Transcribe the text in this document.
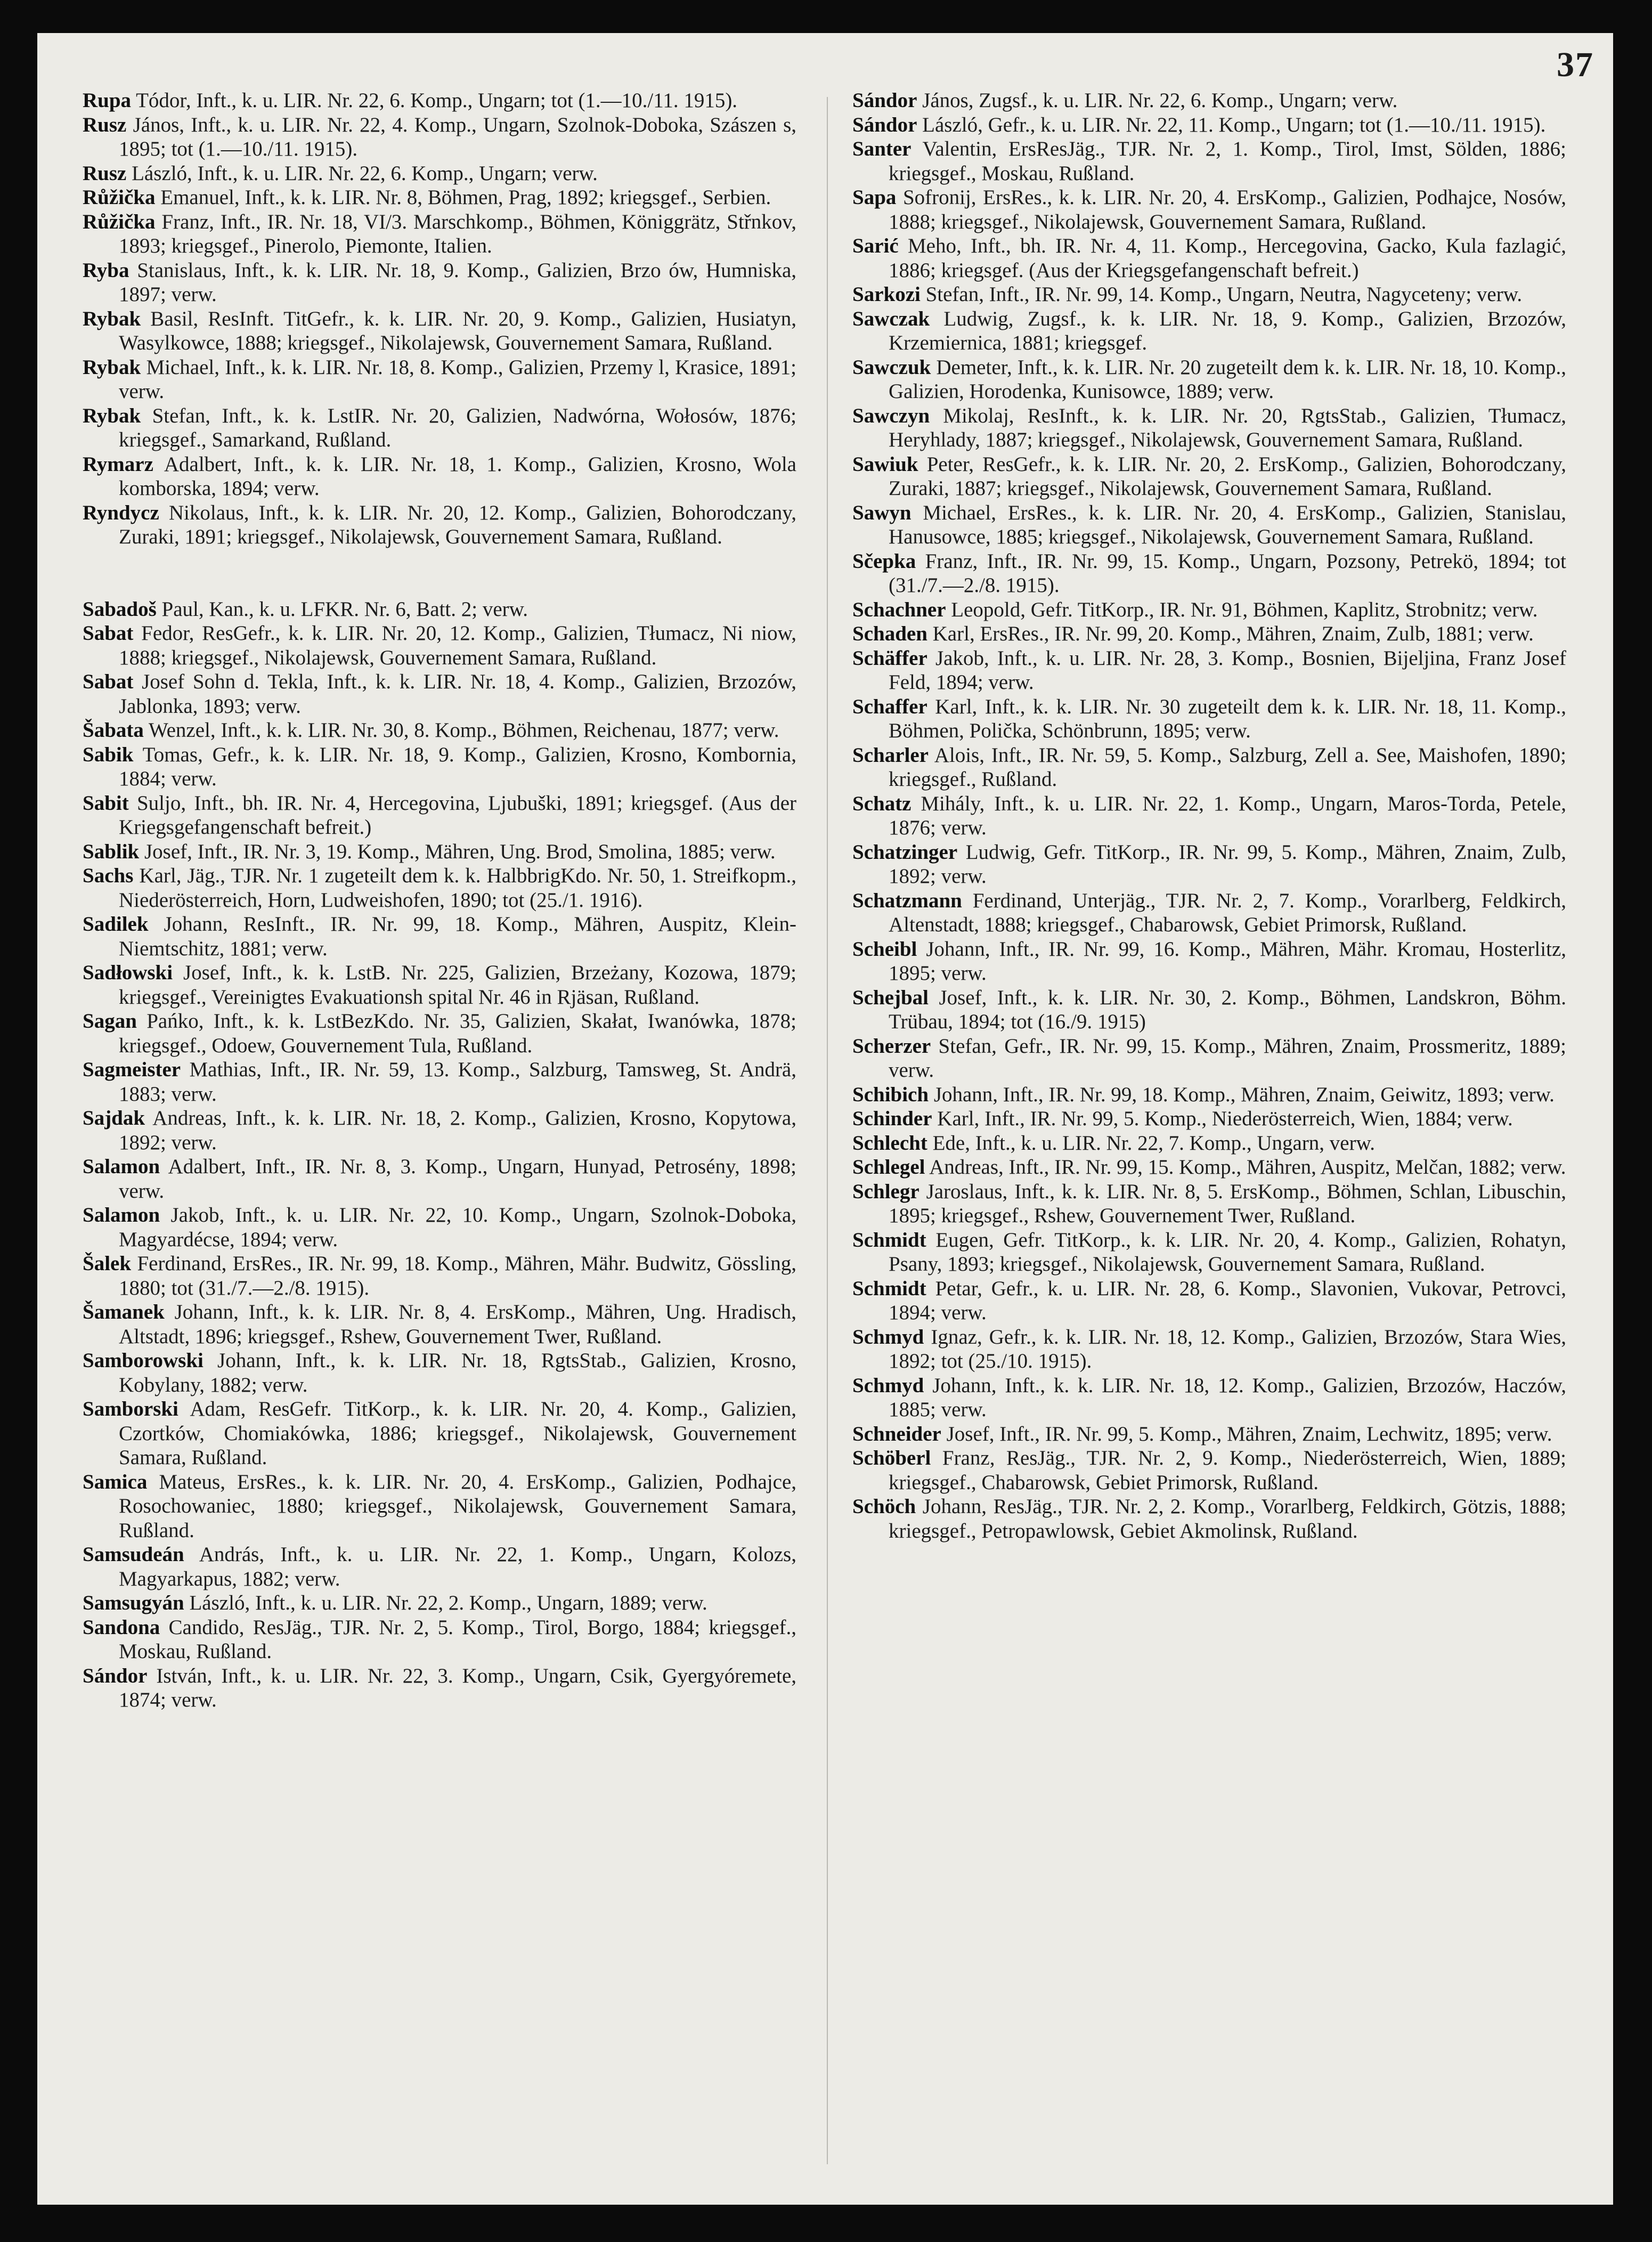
37
Rupa Tódor, Inft., k. u. LIR. Nr. 22, 6. Komp., Ungarn; tot (1.—10./11. 1915).
Rusz János, Inft., k. u. LIR. Nr. 22, 4. Komp., Ungarn, Szolnok-Doboka, Szászen s, 1895; tot (1.—10./11. 1915).
Rusz László, Inft., k. u. LIR. Nr. 22, 6. Komp., Ungarn; verw.
Růžička Emanuel, Inft., k. k. LIR. Nr. 8, Böhmen, Prag, 1892; kriegsgef., Serbien.
Růžička Franz, Inft., IR. Nr. 18, VI/3. Marschkomp., Böhmen, Königgrätz, Střnkov, 1893; kriegsgef., Pinerolo, Piemonte, Italien.
Ryba Stanislaus, Inft., k. k. LIR. Nr. 18, 9. Komp., Galizien, Brzo ów, Humniska, 1897; verw.
Rybak Basil, ResInft. TitGefr., k. k. LIR. Nr. 20, 9. Komp., Galizien, Husiatyn, Wasylkowce, 1888; kriegsgef., Nikolajewsk, Gouvernement Samara, Rußland.
Rybak Michael, Inft., k. k. LIR. Nr. 18, 8. Komp., Galizien, Przemy l, Krasice, 1891; verw.
Rybak Stefan, Inft., k. k. LstIR. Nr. 20, Galizien, Nadwórna, Wołosów, 1876; kriegsgef., Samarkand, Rußland.
Rymarz Adalbert, Inft., k. k. LIR. Nr. 18, 1. Komp., Galizien, Krosno, Wola komborska, 1894; verw.
Ryndycz Nikolaus, Inft., k. k. LIR. Nr. 20, 12. Komp., Galizien, Bohorodczany, Zuraki, 1891; kriegsgef., Nikolajewsk, Gouvernement Samara, Rußland.
Sabadoš Paul, Kan., k. u. LFKR. Nr. 6, Batt. 2; verw.
Sabat Fedor, ResGefr., k. k. LIR. Nr. 20, 12. Komp., Galizien, Tłumacz, Ni niow, 1888; kriegsgef., Nikolajewsk, Gouvernement Samara, Rußland.
Sabat Josef Sohn d. Tekla, Inft., k. k. LIR. Nr. 18, 4. Komp., Galizien, Brzozów, Jablonka, 1893; verw.
Šabata Wenzel, Inft., k. k. LIR. Nr. 30, 8. Komp., Böhmen, Reichenau, 1877; verw.
Sabik Tomas, Gefr., k. k. LIR. Nr. 18, 9. Komp., Galizien, Krosno, Kombornia, 1884; verw.
Sabit Suljo, Inft., bh. IR. Nr. 4, Hercegovina, Ljubuški, 1891; kriegsgef. (Aus der Kriegsgefangenschaft befreit.)
Sablik Josef, Inft., IR. Nr. 3, 19. Komp., Mähren, Ung. Brod, Smolina, 1885; verw.
Sachs Karl, Jäg., TJR. Nr. 1 zugeteilt dem k. k. HalbbrigKdo. Nr. 50, 1. Streifkopm., Niederösterreich, Horn, Ludweishofen, 1890; tot (25./1. 1916).
Sadilek Johann, ResInft., IR. Nr. 99, 18. Komp., Mähren, Auspitz, Klein-Niemtschitz, 1881; verw.
Sadłowski Josef, Inft., k. k. LstB. Nr. 225, Galizien, Brzeżany, Kozowa, 1879; kriegsgef., Vereinigtes Evakuationsh spital Nr. 46 in Rjäsan, Rußland.
Sagan Pańko, Inft., k. k. LstBezKdo. Nr. 35, Galizien, Skałat, Iwanówka, 1878; kriegsgef., Odoew, Gouvernement Tula, Rußland.
Sagmeister Mathias, Inft., IR. Nr. 59, 13. Komp., Salzburg, Tamsweg, St. Andrä, 1883; verw.
Sajdak Andreas, Inft., k. k. LIR. Nr. 18, 2. Komp., Galizien, Krosno, Kopytowa, 1892; verw.
Salamon Adalbert, Inft., IR. Nr. 8, 3. Komp., Ungarn, Hunyad, Petrosény, 1898; verw.
Salamon Jakob, Inft., k. u. LIR. Nr. 22, 10. Komp., Ungarn, Szolnok-Doboka, Magyardécse, 1894; verw.
Šalek Ferdinand, ErsRes., IR. Nr. 99, 18. Komp., Mähren, Mähr. Budwitz, Gössling, 1880; tot (31./7.—2./8. 1915).
Šamanek Johann, Inft., k. k. LIR. Nr. 8, 4. ErsKomp., Mähren, Ung. Hradisch, Altstadt, 1896; kriegsgef., Rshew, Gouvernement Twer, Rußland.
Samborowski Johann, Inft., k. k. LIR. Nr. 18, RgtsStab., Galizien, Krosno, Kobylany, 1882; verw.
Samborski Adam, ResGefr. TitKorp., k. k. LIR. Nr. 20, 4. Komp., Galizien, Czortków, Chomiakówka, 1886; kriegsgef., Nikolajewsk, Gouvernement Samara, Rußland.
Samica Mateus, ErsRes., k. k. LIR. Nr. 20, 4. ErsKomp., Galizien, Podhajce, Rosochowaniec, 1880; kriegsgef., Nikolajewsk, Gouvernement Samara, Rußland.
Samsudeán András, Inft., k. u. LIR. Nr. 22, 1. Komp., Ungarn, Kolozs, Magyarkapus, 1882; verw.
Samsugyán László, Inft., k. u. LIR. Nr. 22, 2. Komp., Ungarn, 1889; verw.
Sandona Candido, ResJäg., TJR. Nr. 2, 5. Komp., Tirol, Borgo, 1884; kriegsgef., Moskau, Rußland.
Sándor István, Inft., k. u. LIR. Nr. 22, 3. Komp., Ungarn, Csik, Gyergyóremete, 1874; verw.
Sándor János, Zugsf., k. u. LIR. Nr. 22, 6. Komp., Ungarn; verw.
Sándor László, Gefr., k. u. LIR. Nr. 22, 11. Komp., Ungarn; tot (1.—10./11. 1915).
Santer Valentin, ErsResJäg., TJR. Nr. 2, 1. Komp., Tirol, Imst, Sölden, 1886; kriegsgef., Moskau, Rußland.
Sapa Sofronij, ErsRes., k. k. LIR. Nr. 20, 4. ErsKomp., Galizien, Podhajce, Nosów, 1888; kriegsgef., Nikolajewsk, Gouvernement Samara, Rußland.
Sarić Meho, Inft., bh. IR. Nr. 4, 11. Komp., Hercegovina, Gacko, Kula fazlagić, 1886; kriegsgef. (Aus der Kriegsgefangenschaft befreit.)
Sarkozi Stefan, Inft., IR. Nr. 99, 14. Komp., Ungarn, Neutra, Nagyceteny; verw.
Sawczak Ludwig, Zugsf., k. k. LIR. Nr. 18, 9. Komp., Galizien, Brzozów, Krzemiernica, 1881; kriegsgef.
Sawczuk Demeter, Inft., k. k. LIR. Nr. 20 zugeteilt dem k. k. LIR. Nr. 18, 10. Komp., Galizien, Horodenka, Kunisowce, 1889; verw.
Sawczyn Mikolaj, ResInft., k. k. LIR. Nr. 20, RgtsStab., Galizien, Tłumacz, Heryhlady, 1887; kriegsgef., Nikolajewsk, Gouvernement Samara, Rußland.
Sawiuk Peter, ResGefr., k. k. LIR. Nr. 20, 2. ErsKomp., Galizien, Bohorodczany, Zuraki, 1887; kriegsgef., Nikolajewsk, Gouvernement Samara, Rußland.
Sawyn Michael, ErsRes., k. k. LIR. Nr. 20, 4. ErsKomp., Galizien, Stanislau, Hanusowce, 1885; kriegsgef., Nikolajewsk, Gouvernement Samara, Rußland.
Sčepka Franz, Inft., IR. Nr. 99, 15. Komp., Ungarn, Pozsony, Petrekö, 1894; tot (31./7.—2./8. 1915).
Schachner Leopold, Gefr. TitKorp., IR. Nr. 91, Böhmen, Kaplitz, Strobnitz; verw.
Schaden Karl, ErsRes., IR. Nr. 99, 20. Komp., Mähren, Znaim, Zulb, 1881; verw.
Schäffer Jakob, Inft., k. u. LIR. Nr. 28, 3. Komp., Bosnien, Bijeljina, Franz Josef Feld, 1894; verw.
Schaffer Karl, Inft., k. k. LIR. Nr. 30 zugeteilt dem k. k. LIR. Nr. 18, 11. Komp., Böhmen, Polička, Schönbrunn, 1895; verw.
Scharler Alois, Inft., IR. Nr. 59, 5. Komp., Salzburg, Zell a. See, Maishofen, 1890; kriegsgef., Rußland.
Schatz Mihály, Inft., k. u. LIR. Nr. 22, 1. Komp., Ungarn, Maros-Torda, Petele, 1876; verw.
Schatzinger Ludwig, Gefr. TitKorp., IR. Nr. 99, 5. Komp., Mähren, Znaim, Zulb, 1892; verw.
Schatzmann Ferdinand, Unterjäg., TJR. Nr. 2, 7. Komp., Vorarlberg, Feldkirch, Altenstadt, 1888; kriegsgef., Chabarowsk, Gebiet Primorsk, Rußland.
Scheibl Johann, Inft., IR. Nr. 99, 16. Komp., Mähren, Mähr. Kromau, Hosterlitz, 1895; verw.
Schejbal Josef, Inft., k. k. LIR. Nr. 30, 2. Komp., Böhmen, Landskron, Böhm. Trübau, 1894; tot (16./9. 1915)
Scherzer Stefan, Gefr., IR. Nr. 99, 15. Komp., Mähren, Znaim, Prossmeritz, 1889; verw.
Schibich Johann, Inft., IR. Nr. 99, 18. Komp., Mähren, Znaim, Geiwitz, 1893; verw.
Schinder Karl, Inft., IR. Nr. 99, 5. Komp., Niederösterreich, Wien, 1884; verw.
Schlecht Ede, Inft., k. u. LIR. Nr. 22, 7. Komp., Ungarn, verw.
Schlegel Andreas, Inft., IR. Nr. 99, 15. Komp., Mähren, Auspitz, Melčan, 1882; verw.
Schlegr Jaroslaus, Inft., k. k. LIR. Nr. 8, 5. ErsKomp., Böhmen, Schlan, Libuschin, 1895; kriegsgef., Rshew, Gouvernement Twer, Rußland.
Schmidt Eugen, Gefr. TitKorp., k. k. LIR. Nr. 20, 4. Komp., Galizien, Rohatyn, Psany, 1893; kriegsgef., Nikolajewsk, Gouvernement Samara, Rußland.
Schmidt Petar, Gefr., k. u. LIR. Nr. 28, 6. Komp., Slavonien, Vukovar, Petrovci, 1894; verw.
Schmyd Ignaz, Gefr., k. k. LIR. Nr. 18, 12. Komp., Galizien, Brzozów, Stara Wies, 1892; tot (25./10. 1915).
Schmyd Johann, Inft., k. k. LIR. Nr. 18, 12. Komp., Galizien, Brzozów, Haczów, 1885; verw.
Schneider Josef, Inft., IR. Nr. 99, 5. Komp., Mähren, Znaim, Lechwitz, 1895; verw.
Schöberl Franz, ResJäg., TJR. Nr. 2, 9. Komp., Niederösterreich, Wien, 1889; kriegsgef., Chabarowsk, Gebiet Primorsk, Rußland.
Schöch Johann, ResJäg., TJR. Nr. 2, 2. Komp., Vorarlberg, Feldkirch, Götzis, 1888; kriegsgef., Petropawlowsk, Gebiet Akmolinsk, Rußland.
